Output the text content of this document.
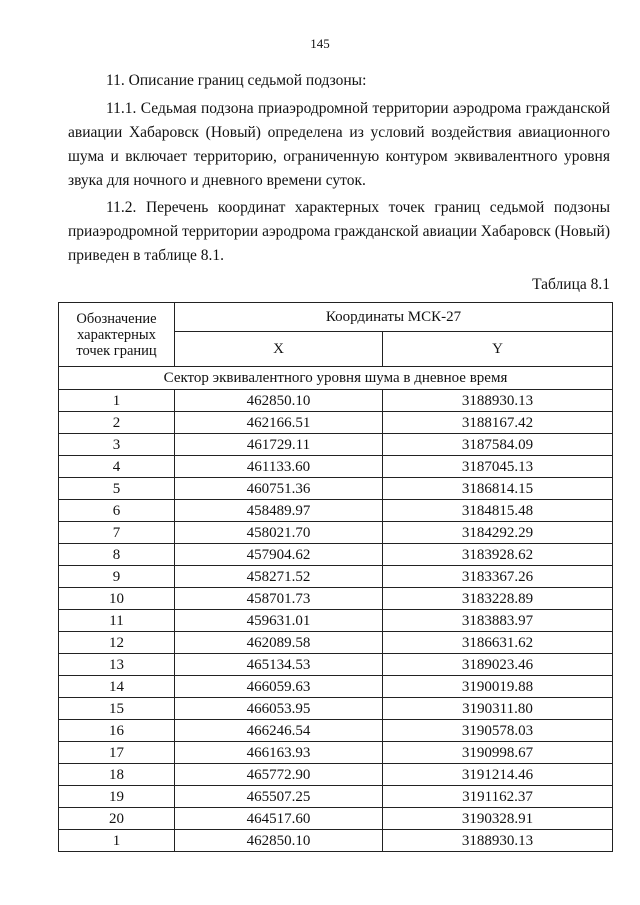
145

11. Описание границ седьмой подзоны:

11.1. Седьмая подзона приаэродромной территории аэродрома гражданской авиации Хабаровск (Новый) определена из условий воздействия авиационного шума и включает территорию, ограниченную контуром эквивалентного уровня звука для ночного и дневного времени суток.

11.2. Перечень координат характерных точек границ седьмой подзоны приаэродромной территории аэродрома гражданской авиации Хабаровск (Новый) приведен в таблице 8.1.

Таблица 8.1
Обозначение характерных точек границ	Координаты МСК-27	
	X	Y
Сектор эквивалентного уровня шума в дневное время		
1	462850.10	3188930.13
2	462166.51	3188167.42
3	461729.11	3187584.09
4	461133.60	3187045.13
5	460751.36	3186814.15
6	458489.97	3184815.48
7	458021.70	3184292.29
8	457904.62	3183928.62
9	458271.52	3183367.26
10	458701.73	3183228.89
11	459631.01	3183883.97
12	462089.58	3186631.62
13	465134.53	3189023.46
14	466059.63	3190019.88
15	466053.95	3190311.80
16	466246.54	3190578.03
17	466163.93	3190998.67
18	465772.90	3191214.46
19	465507.25	3191162.37
20	464517.60	3190328.91
1	462850.10	3188930.13
